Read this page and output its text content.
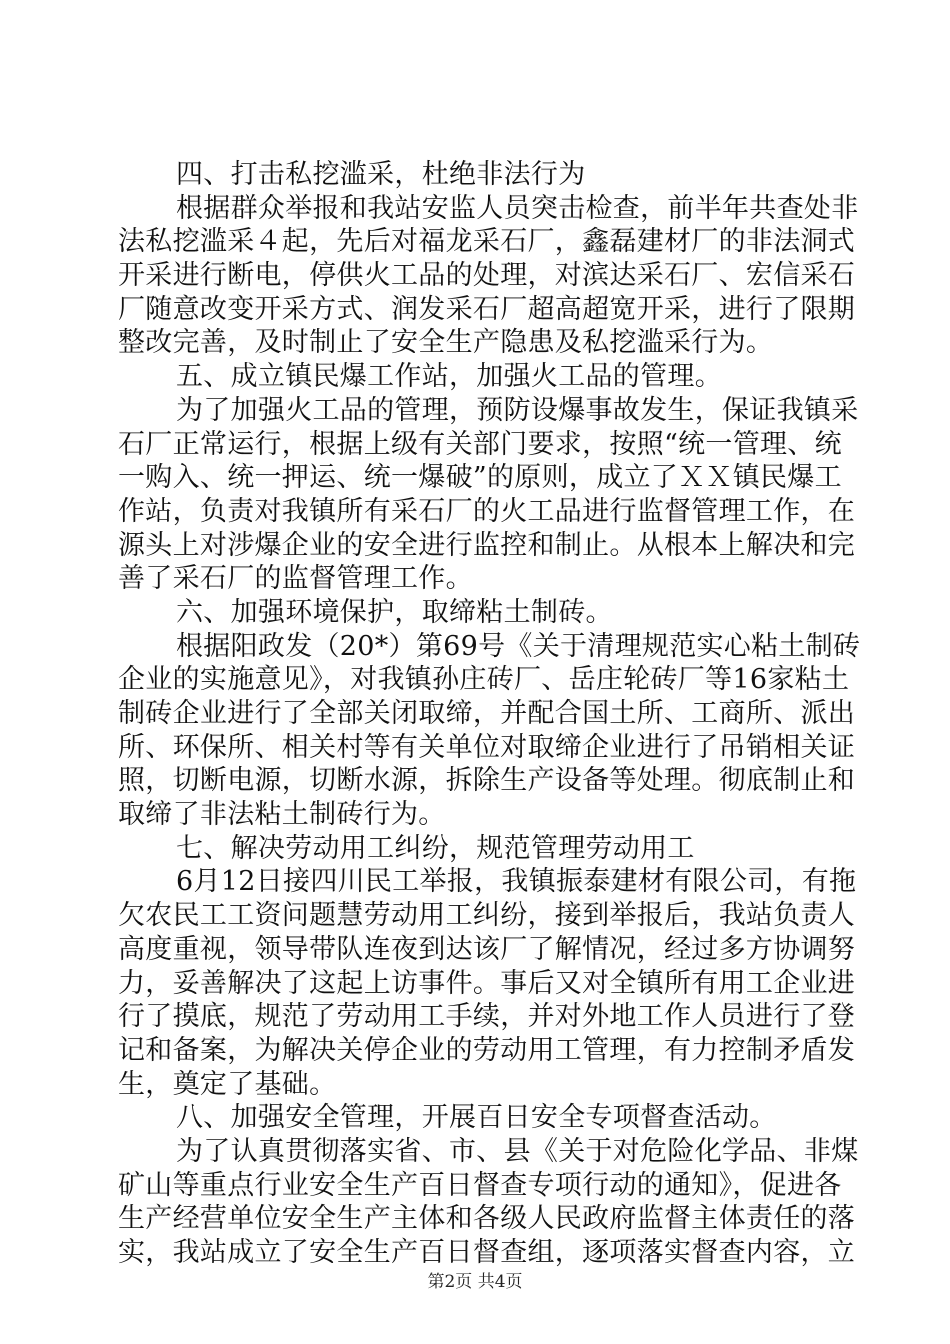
四、打击私挖滥采，杜绝非法行为
根据群众举报和我站安监人员突击检查，前半年共查处非
法私挖滥采４起，先后对福龙采石厂，鑫磊建材厂的非法洞式
开采进行断电，停供火工品的处理，对滨达采石厂、宏信采石
厂随意改变开采方式、润发采石厂超高超宽开采，进行了限期
整改完善，及时制止了安全生产隐患及私挖滥采行为。
五、成立镇民爆工作站，加强火工品的管理。
为了加强火工品的管理，预防设爆事故发生，保证我镇采
石厂正常运行，根据上级有关部门要求，按照“统一管理、统
一购入、统一押运、统一爆破”的原则，成立了ＸＸ镇民爆工
作站，负责对我镇所有采石厂的火工品进行监督管理工作，在
源头上对涉爆企业的安全进行监控和制止。从根本上解决和完
善了采石厂的监督管理工作。
六、加强环境保护，取缔粘土制砖。
根据阳政发（20*）第69号《关于清理规范实心粘土制砖
企业的实施意见》，对我镇孙庄砖厂、岳庄轮砖厂等16家粘土
制砖企业进行了全部关闭取缔，并配合国土所、工商所、派出
所、环保所、相关村等有关单位对取缔企业进行了吊销相关证
照，切断电源，切断水源，拆除生产设备等处理。彻底制止和
取缔了非法粘土制砖行为。
七、解决劳动用工纠纷，规范管理劳动用工
6月12日接四川民工举报，我镇振泰建材有限公司，有拖
欠农民工工资问题慧劳动用工纠纷，接到举报后，我站负责人
高度重视，领导带队连夜到达该厂了解情况，经过多方协调努
力，妥善解决了这起上访事件。事后又对全镇所有用工企业进
行了摸底，规范了劳动用工手续，并对外地工作人员进行了登
记和备案，为解决关停企业的劳动用工管理，有力控制矛盾发
生，奠定了基础。
八、加强安全管理，开展百日安全专项督查活动。
为了认真贯彻落实省、市、县《关于对危险化学品、非煤
矿山等重点行业安全生产百日督查专项行动的通知》，促进各
生产经营单位安全生产主体和各级人民政府监督主体责任的落
实，我站成立了安全生产百日督查组，逐项落实督查内容，立
第2页 共4页
